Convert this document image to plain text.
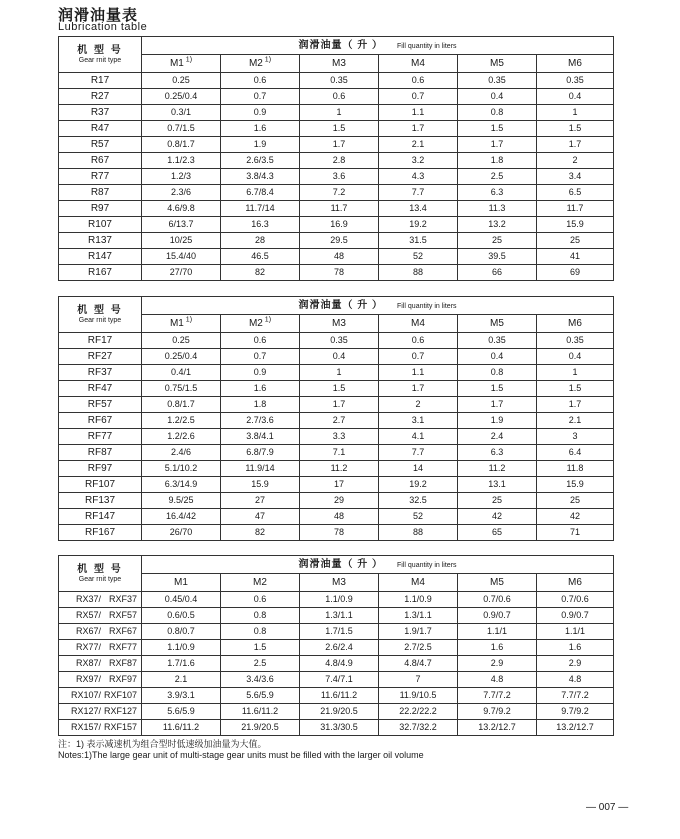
润滑油量表
Lubrication table
机 型 号
Gear rnit type	润滑油量（ 升 ） Fill quantity in liters					
	M1 $^{1)}$	M2 $^{1)}$	M3	M4	M5	M6
R17	0.25	0.6	0.35	0.6	0.35	0.35
R27	0.25/0.4	0.7	0.6	0.7	0.4	0.4
R37	0.3/1	0.9	1	1.1	0.8	1
R47	0.7/1.5	1.6	1.5	1.7	1.5	1.5
R57	0.8/1.7	1.9	1.7	2.1	1.7	1.7
R67	1.1/2.3	2.6/3.5	2.8	3.2	1.8	2
R77	1.2/3	3.8/4.3	3.6	4.3	2.5	3.4
R87	2.3/6	6.7/8.4	7.2	7.7	6.3	6.5
R97	4.6/9.8	11.7/14	11.7	13.4	11.3	11.7
R107	6/13.7	16.3	16.9	19.2	13.2	15.9
R137	10/25	28	29.5	31.5	25	25
R147	15.4/40	46.5	48	52	39.5	41
R167	27/70	82	78	88	66	69
机 型 号
Gear rnit type	润滑油量（ 升 ） Fill quantity in liters					
	M1 $^{1)}$	M2 $^{1)}$	M3	M4	M5	M6
RF17	0.25	0.6	0.35	0.6	0.35	0.35
RF27	0.25/0.4	0.7	0.4	0.7	0.4	0.4
RF37	0.4/1	0.9	1	1.1	0.8	1
RF47	0.75/1.5	1.6	1.5	1.7	1.5	1.5
RF57	0.8/1.7	1.8	1.7	2	1.7	1.7
RF67	1.2/2.5	2.7/3.6	2.7	3.1	1.9	2.1
RF77	1.2/2.6	3.8/4.1	3.3	4.1	2.4	3
RF87	2.4/6	6.8/7.9	7.1	7.7	6.3	6.4
RF97	5.1/10.2	11.9/14	11.2	14	11.2	11.8
RF107	6.3/14.9	15.9	17	19.2	13.1	15.9
RF137	9.5/25	27	29	32.5	25	25
RF147	16.4/42	47	48	52	42	42
RF167	26/70	82	78	88	65	71
机 型 号
Gear rnit type	润滑油量（ 升 ） Fill quantity in liters					
	M1	M2	M3	M4	M5	M6
RX37/ RXF37	0.45/0.4	0.6	1.1/0.9	1.1/0.9	0.7/0.6	0.7/0.6
RX57/ RXF57	0.6/0.5	0.8	1.3/1.1	1.3/1.1	0.9/0.7	0.9/0.7
RX67/ RXF67	0.8/0.7	0.8	1.7/1.5	1.9/1.7	1.1/1	1.1/1
RX77/ RXF77	1.1/0.9	1.5	2.6/2.4	2.7/2.5	1.6	1.6
RX87/ RXF87	1.7/1.6	2.5	4.8/4.9	4.8/4.7	2.9	2.9
RX97/ RXF97	2.1	3.4/3.6	7.4/7.1	7	4.8	4.8
RX107/ RXF107	3.9/3.1	5.6/5.9	11.6/11.2	11.9/10.5	7.7/7.2	7.7/7.2
RX127/ RXF127	5.6/5.9	11.6/11.2	21.9/20.5	22.2/22.2	9.7/9.2	9.7/9.2
RX157/ RXF157	11.6/11.2	21.9/20.5	31.3/30.5	32.7/32.2	13.2/12.7	13.2/12.7
注：1) 表示减速机为组合型时低速级加油量为大值。
Notes:1)The large gear unit of multi-stage gear units must be filled with the larger oil volume
— 007 —
